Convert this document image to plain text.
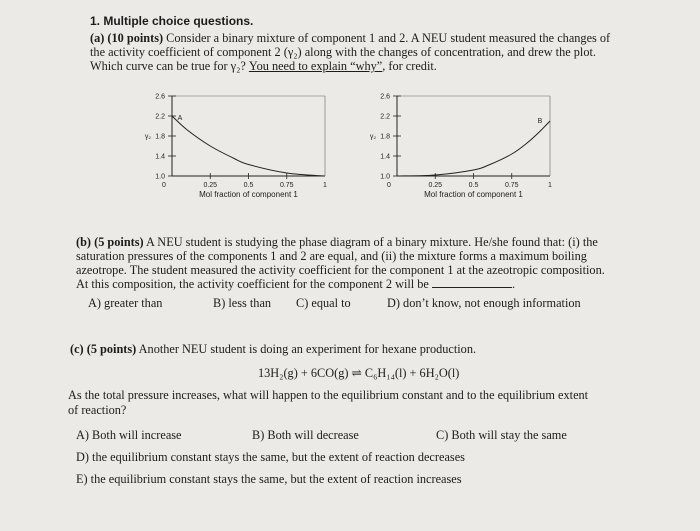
1. Multiple choice questions.
(a) (10 points) Consider a binary mixture of component 1 and 2. A NEU student measured the changes of
the activity coefficient of component 2 (γ₂) along with the changes of concentration, and drew the plot.
Which curve can be true for γ₂? You need to explain “why”, for credit.
2.6
2.2
1.8
1.4
1.0
0	0.25	0.5	0.75	1
γ₂
Mol fraction of component 1
A
2.6
2.2
1.8
1.4
1.0
0	0.25	0.5	0.75	1
γ₂
Mol fraction of component 1
B
(b) (5 points) A NEU student is studying the phase diagram of a binary mixture. He/she found that: (i) the
saturation pressures of the components 1 and 2 are equal, and (ii) the mixture forms a maximum boiling
azeotrope. The student measured the activity coefficient for the component 1 at the azeotropic composition.
At this composition, the activity coefficient for the component 2 will be	.
A) greater than	B) less than C) equal to	D) don’t know, not enough information
(c) (5 points) Another NEU student is doing an experiment for hexane production.
13H₂(g) + 6CO(g) ⇌ C₆H₁₄(l) + 6H₂O(l)
As the total pressure increases, what will happen to the equilibrium constant and to the equilibrium extent
of reaction?
A) Both will increase	B) Both will decrease	C) Both will stay the same
D) the equilibrium constant stays the same, but the extent of reaction decreases
E) the equilibrium constant stays the same, but the extent of reaction increases
